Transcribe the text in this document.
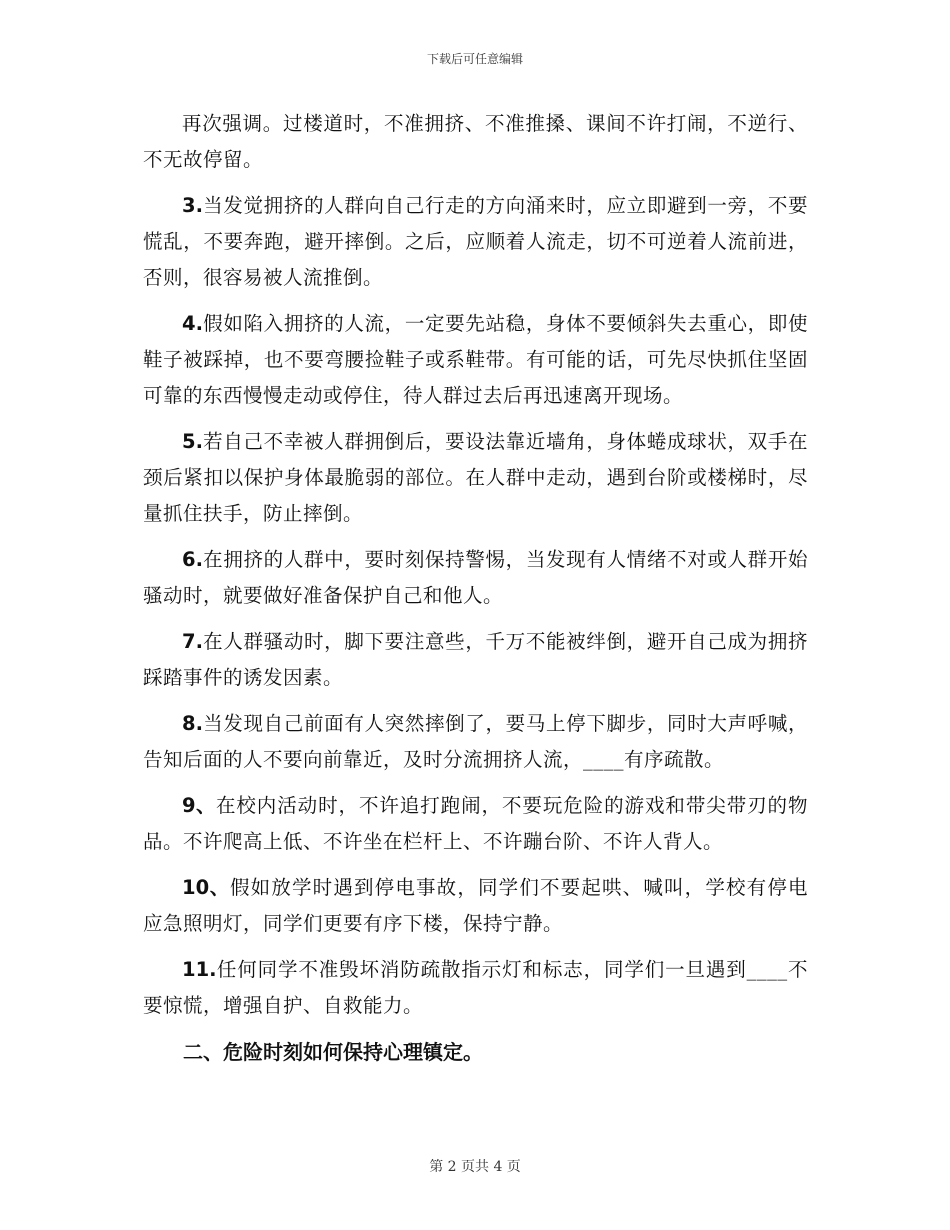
下载后可任意编辑

再次强调。过楼道时，不准拥挤、不准推搡、课间不许打闹，不逆行、不无故停留。

3.当发觉拥挤的人群向自己行走的方向涌来时，应立即避到一旁，不要慌乱，不要奔跑，避开摔倒。之后，应顺着人流走，切不可逆着人流前进，否则，很容易被人流推倒。

4.假如陷入拥挤的人流，一定要先站稳，身体不要倾斜失去重心，即使鞋子被踩掉，也不要弯腰捡鞋子或系鞋带。有可能的话，可先尽快抓住坚固可靠的东西慢慢走动或停住，待人群过去后再迅速离开现场。

5.若自己不幸被人群拥倒后，要设法靠近墙角，身体蜷成球状，双手在颈后紧扣以保护身体最脆弱的部位。在人群中走动，遇到台阶或楼梯时，尽量抓住扶手，防止摔倒。

6.在拥挤的人群中，要时刻保持警惕，当发现有人情绪不对或人群开始骚动时，就要做好准备保护自己和他人。

7.在人群骚动时，脚下要注意些，千万不能被绊倒，避开自己成为拥挤踩踏事件的诱发因素。

8.当发现自己前面有人突然摔倒了，要马上停下脚步，同时大声呼喊，告知后面的人不要向前靠近，及时分流拥挤人流，____有序疏散。

9、在校内活动时，不许追打跑闹，不要玩危险的游戏和带尖带刃的物品。不许爬高上低、不许坐在栏杆上、不许蹦台阶、不许人背人。

10、假如放学时遇到停电事故，同学们不要起哄、喊叫，学校有停电应急照明灯，同学们更要有序下楼，保持宁静。

11.任何同学不准毁坏消防疏散指示灯和标志，同学们一旦遇到____不要惊慌，增强自护、自救能力。

二、危险时刻如何保持心理镇定。

第 2 页共 4 页
